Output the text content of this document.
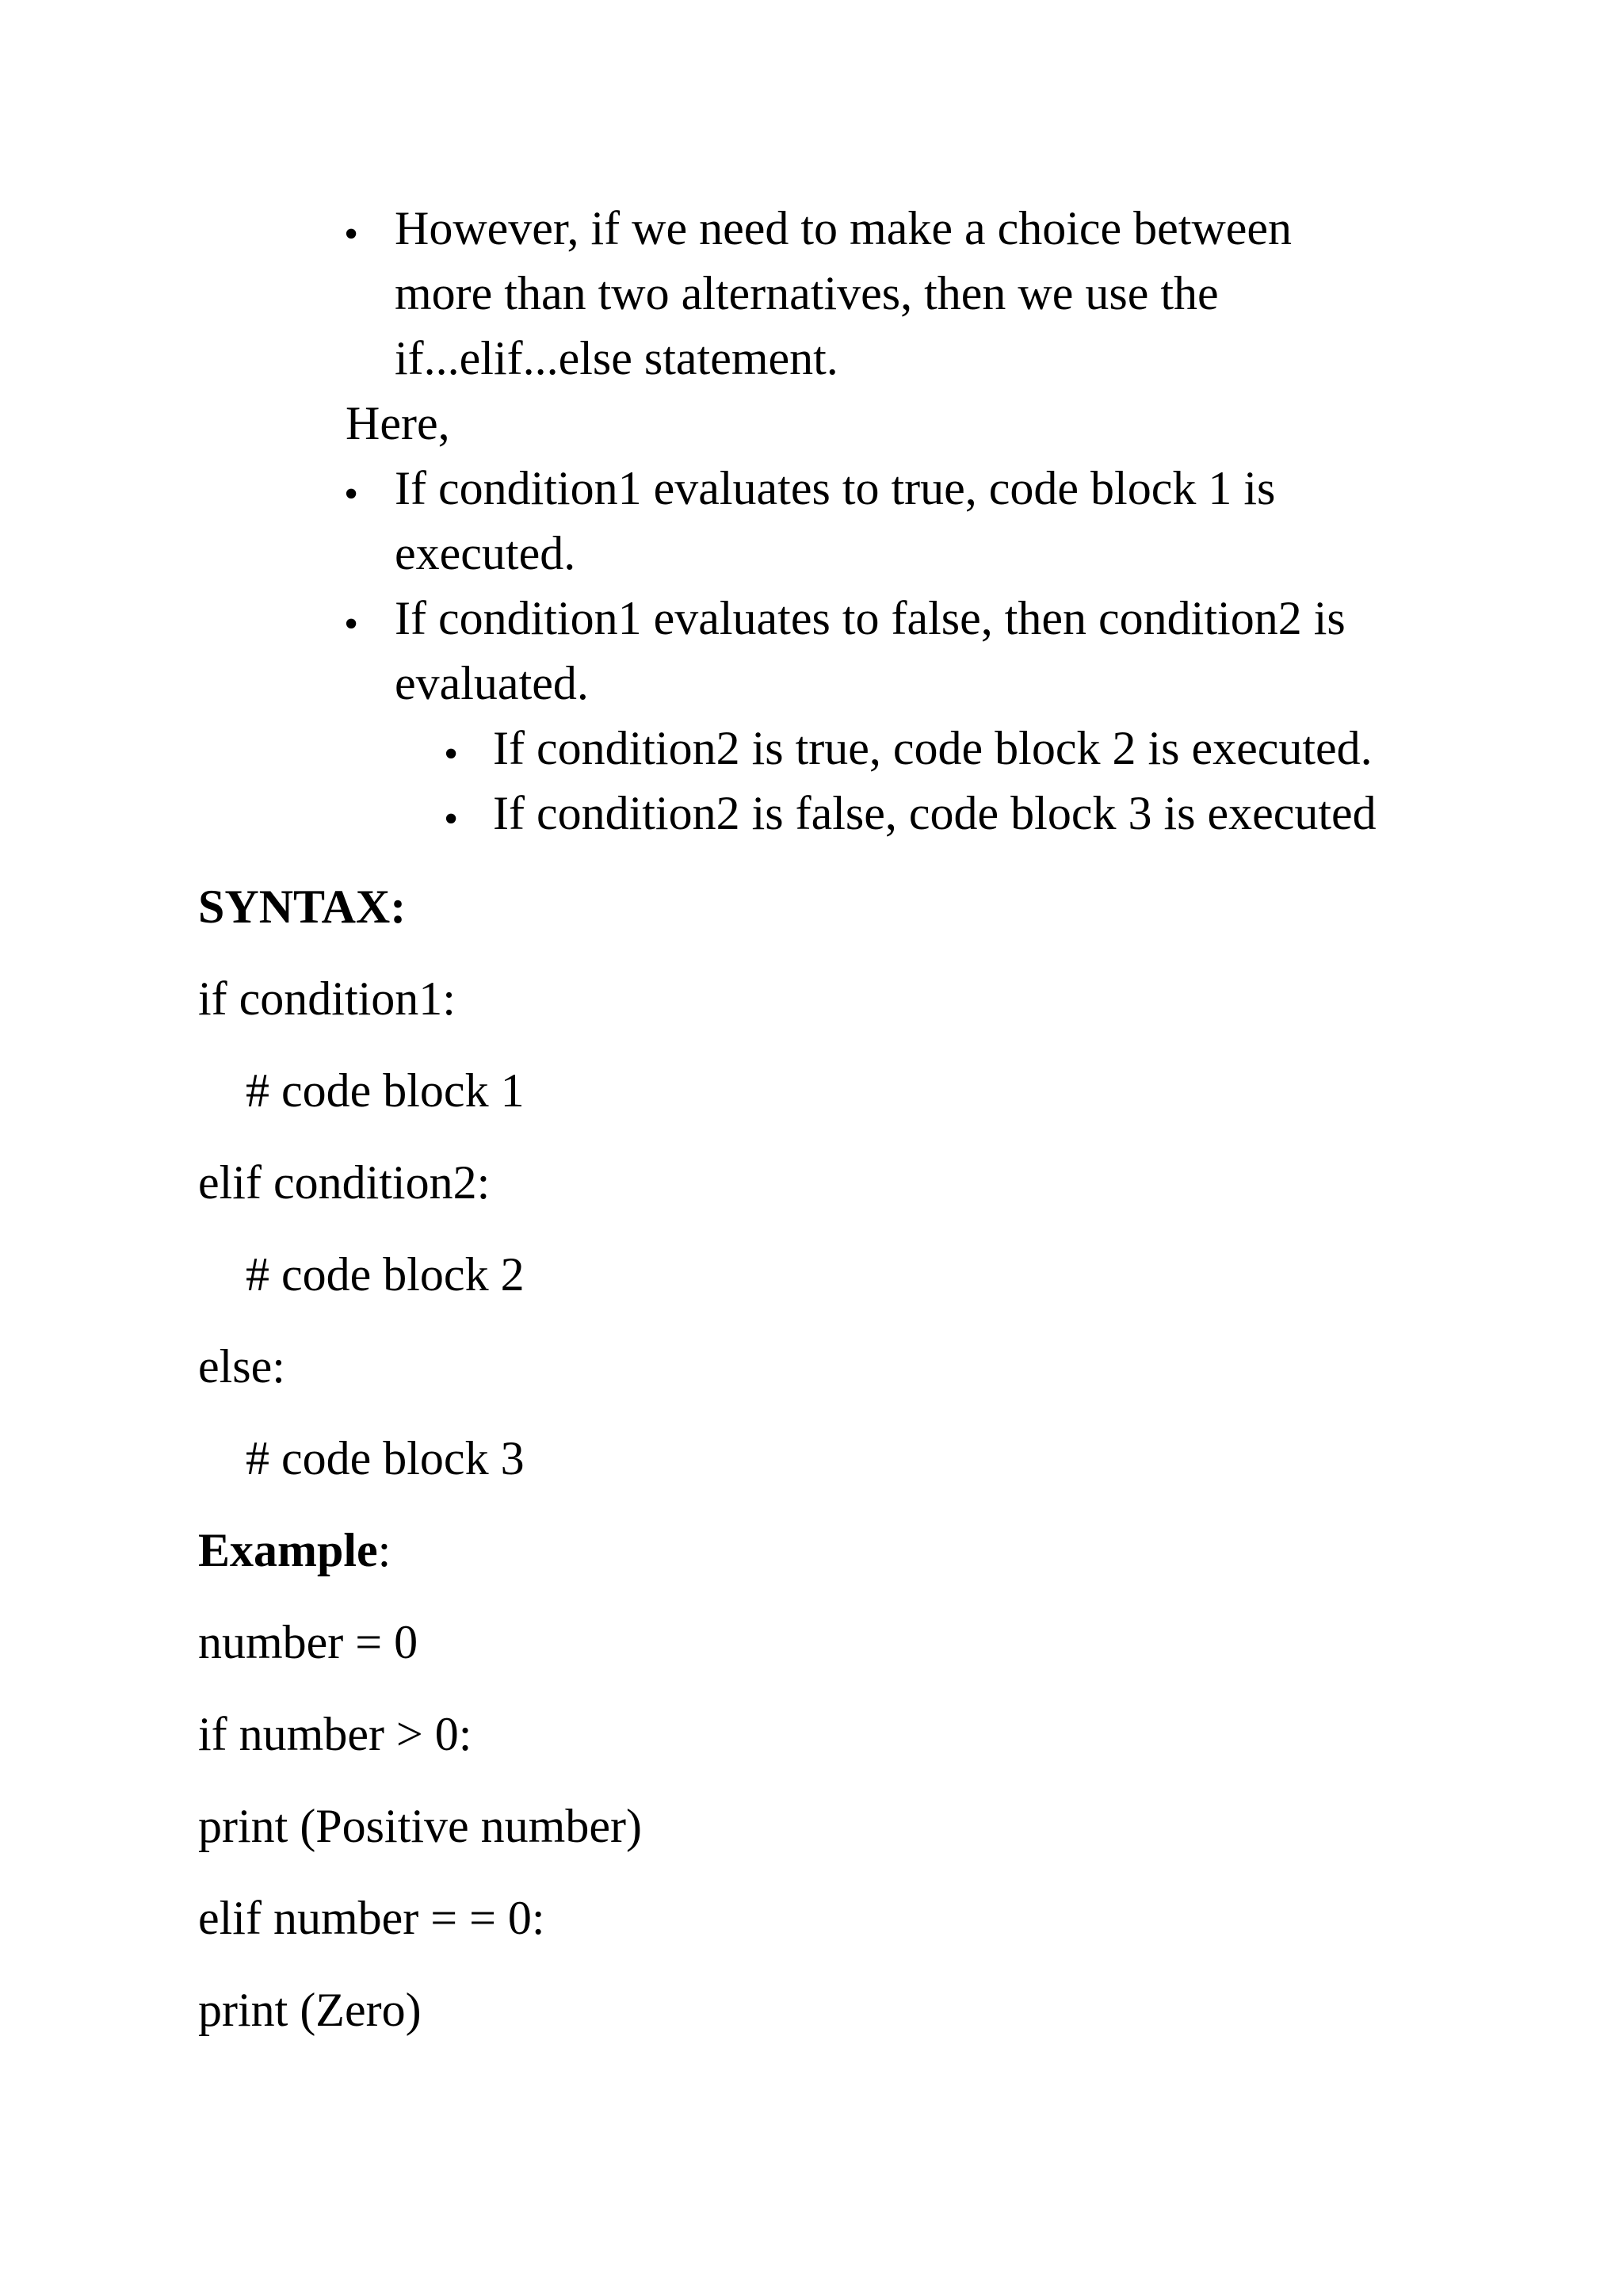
• However, if we need to make a choice between
more than two alternatives, then we use the
if...elif...else statement.
Here,
• If condition1 evaluates to true, code block 1 is
executed.
• If condition1 evaluates to false, then condition2 is
evaluated.
• If condition2 is true, code block 2 is executed.
• If condition2 is false, code block 3 is executed
SYNTAX:
if condition1:
# code block 1
elif condition2:
# code block 2
else:
# code block 3
Example:
number = 0
if number > 0:
print (Positive number)
elif number = = 0:
print (Zero)
